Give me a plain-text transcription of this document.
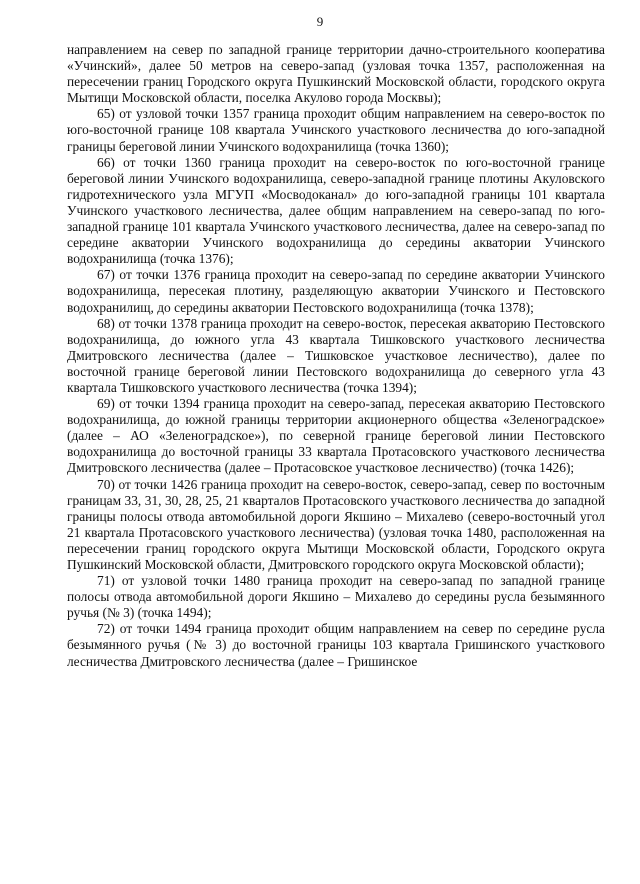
9

направлением на север по западной границе территории дачно-строительного кооператива «Учинский», далее 50 метров на северо-запад (узловая точка 1357, расположенная на пересечении границ Городского округа Пушкинский Московской области, городского округа Мытищи Московской области, поселка Акулово города Москвы);

65) от узловой точки 1357 граница проходит общим направлением на северо-восток по юго-восточной границе 108 квартала Учинского участкового лесничества до юго-западной границы береговой линии Учинского водохранилища (точка 1360);

66) от точки 1360 граница проходит на северо-восток по юго-восточной границе береговой линии Учинского водохранилища, северо-западной границе плотины Акуловского гидротехнического узла МГУП «Мосводоканал» до юго-западной границы 101 квартала Учинского участкового лесничества, далее общим направлением на северо-запад по юго-западной границе 101 квартала Учинского участкового лесничества, далее на северо-запад по середине акватории Учинского водохранилища до середины акватории Учинского водохранилища (точка 1376);

67) от точки 1376 граница проходит на северо-запад по середине акватории Учинского водохранилища, пересекая плотину, разделяющую акватории Учинского и Пестовского водохранилищ, до середины акватории Пестовского водохранилища (точка 1378);

68) от точки 1378 граница проходит на северо-восток, пересекая акваторию Пестовского водохранилища, до южного угла 43 квартала Тишковского участкового лесничества Дмитровского лесничества (далее – Тишковское участковое лесничество), далее по восточной границе береговой линии Пестовского водохранилища до северного угла 43 квартала Тишковского участкового лесничества (точка 1394);

69) от точки 1394 граница проходит на северо-запад, пересекая акваторию Пестовского водохранилища, до южной границы территории акционерного общества «Зеленоградское» (далее – АО «Зеленоградское»), по северной границе береговой линии Пестовского водохранилища до восточной границы 33 квартала Протасовского участкового лесничества Дмитровского лесничества (далее – Протасовское участковое лесничество) (точка 1426);

70) от точки 1426 граница проходит на северо-восток, северо-запад, север по восточным границам 33, 31, 30, 28, 25, 21 кварталов Протасовского участкового лесничества до западной границы полосы отвода автомобильной дороги Якшино – Михалево (северо-восточный угол 21 квартала Протасовского участкового лесничества) (узловая точка 1480, расположенная на пересечении границ городского округа Мытищи Московской области, Городского округа Пушкинский Московской области, Дмитровского городского округа Московской области);

71) от узловой точки 1480 граница проходит на северо-запад по западной границе полосы отвода автомобильной дороги Якшино – Михалево до середины русла безымянного ручья (№ 3) (точка 1494);

72) от точки 1494 граница проходит общим направлением на север по середине русла безымянного ручья (№ 3) до восточной границы 103 квартала Гришинского участкового лесничества Дмитровского лесничества (далее – Гришинское
